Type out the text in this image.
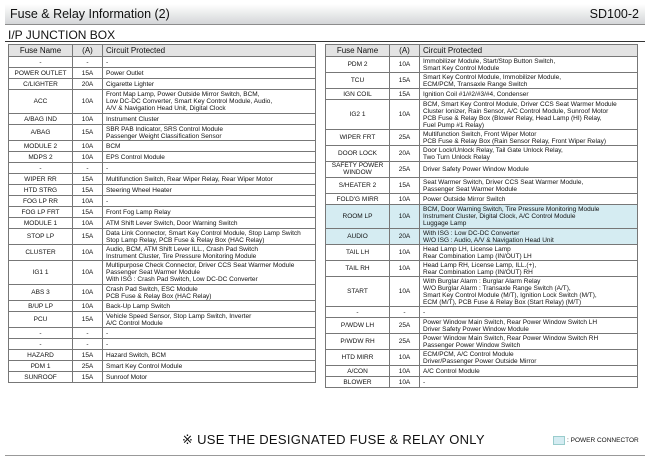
Fuse & Relay Information (2)	SD100-2
I/P JUNCTION BOX
Fuse Name	(A)	Circuit Protected
-	-	-

POWER OUTLET	15A	Power Outlet

C/LIGHTER	20A	Cigarette Lighter

ACC	10A	Front Map Lamp, Power Outside Mirror Switch, BCM,
Low DC-DC Converter, Smart Key Control Module, Audio,
A/V & Navigation Head Unit, Digital Clock

A/BAG IND	10A	Instrument Cluster

A/BAG	15A	SBR PAB Indicator, SRS Control Module
Passenger Weight Classification Sensor

MODULE 2	10A	BCM

MDPS 2	10A	EPS Control Module

-	-	-

WIPER RR	15A	Multifunction Switch, Rear Wiper Relay, Rear Wiper Motor

HTD STRG	15A	Steering Wheel Heater

FOG LP RR	10A	-

FOG LP FRT	15A	Front Fog Lamp Relay

MODULE 1	10A	ATM Shift Lever Switch, Door Warning Switch

STOP LP	15A	Data Link Connector, Smart Key Control Module, Stop Lamp Switch
Stop Lamp Relay, PCB Fuse & Relay Box (HAC Relay)

CLUSTER	10A	Audio, BCM, ATM Shift Lever ILL., Crash Pad Switch
Instrument Cluster, Tire Pressure Monitoring Module

IG1 1	10A	Multipurpose Check Connector, Driver CCS Seat Warmer Module
Passenger Seat Warmer Module
With ISG : Crash Pad Switch, Low DC-DC Converter

ABS 3	10A	Crash Pad Switch, ESC Module
PCB Fuse & Relay Box (HAC Relay)

B/UP LP	10A	Back-Up Lamp Switch

PCU	15A	Vehicle Speed Sensor, Stop Lamp Switch, Inverter
A/C Control Module

-	-	-

-	-	-

HAZARD	15A	Hazard Switch, BCM

PDM 1	25A	Smart Key Control Module

SUNROOF	15A	Sunroof Motor
Fuse Name	(A)	Circuit Protected
PDM 2	10A	Immobilizer Module, Start/Stop Button Switch,
Smart Key Control Module

TCU	15A	Smart Key Control Module, Immobilizer Module,
ECM/PCM, Transaxle Range Switch

IGN COIL	15A	Ignition Coil #1/#2/#3/#4, Condenser

IG2 1	10A	BCM, Smart Key Control Module, Driver CCS Seat Warmer Module
Cluster Ionizer, Rain Sensor, A/C Control Module, Sunroof Motor
PCB Fuse & Relay Box (Blower Relay, Head Lamp (HI) Relay,
Fuel Pump #1 Relay)

WIPER FRT	25A	Multifunction Switch, Front Wiper Motor
PCB Fuse & Relay Box (Rain Sensor Relay, Front Wiper Relay)

DOOR LOCK	20A	Door Lock/Unlock Relay, Tail Gate Unlock Relay,
Two Turn Unlock Relay

SAFETY POWER WINDOW	25A	Driver Safety Power Window Module

S/HEATER 2	15A	Seat Warmer Switch, Driver CCS Seat Warmer Module,
Passenger Seat Warmer Module

FOLD'G MIRR	10A	Power Outside Mirror Switch

ROOM LP	10A	BCM, Door Warning Switch, Tire Pressure Monitoring Module
Instrument Cluster, Digital Clock, A/C Control Module
Luggage Lamp

AUDIO	20A	With ISG : Low DC-DC Converter
W/O ISG : Audio, A/V & Navigation Head Unit

TAIL LH	10A	Head Lamp LH, License Lamp
Rear Combination Lamp (IN/OUT) LH

TAIL RH	10A	Head Lamp RH, License Lamp, ILL.(+),
Rear Combination Lamp (IN/OUT) RH

START	10A	With Burglar Alarm : Burglar Alarm Relay
W/O Burglar Alarm : Transaxle Range Switch (A/T),
Smart Key Control Module (M/T), Ignition Lock Switch (M/T),
ECM (M/T), PCB Fuse & Relay Box (Start Relay) (M/T)

-	-	-

P/WDW LH	25A	Power Window Main Switch, Rear Power Window Switch LH
Driver Safety Power Window Module

P/WDW RH	25A	Power Window Main Switch, Rear Power Window Switch RH
Passenger Power Window Switch

HTD MIRR	10A	ECM/PCM, A/C Control Module
Driver/Passenger Power Outside Mirror

A/CON	10A	A/C Control Module

BLOWER	10A	-
※ USE THE DESIGNATED FUSE & RELAY ONLY	: POWER CONNECTOR
